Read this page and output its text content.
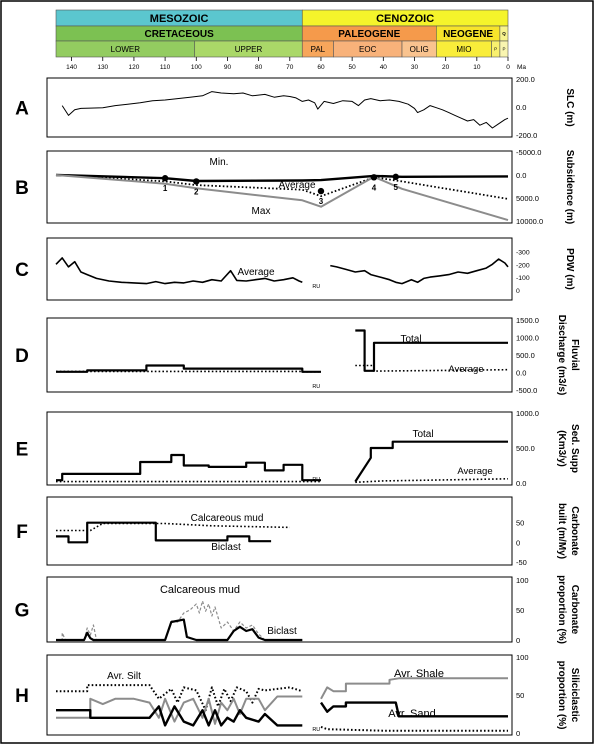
MESOZOIC	CENOZOIC
CRETACEOUS	PALEOGENE	NEOGENE Q
LOWER	UPPER	PAL	EOC	OLIG	MIO	P P
140	130	120	110	100	90	80	70	60	50	40	30	20	10	0 Ma
A
200.0
0.0
-200.0
SLC (m)
B
-5000.0
0.0
5000.0
10000.0 Subsidence (m)
1	2
3
4 5
C
-300
-200
-100
0
PDW (m)
RU
D
1500.0
1000.0
500.0
0.0
-500.0
Fluvial
Discharge (m3/s)
RU
E
1000.0
500.0
0.0
Sed. Supp
(Km3/y)
RU
F	50
0
-50
Carbonate
built (m/My)
G
100
50
0
Carbonate
proportion (%)
H
100
50
0
Siliciclastic
proportion (%)
RU
Min.
Average
Max
Average
Total
Average
Total
Average
Calcareous mud
Biclast
Calcareous mud
Biclast
Avr. Silt	Avr. Shale
Avr. Sand
